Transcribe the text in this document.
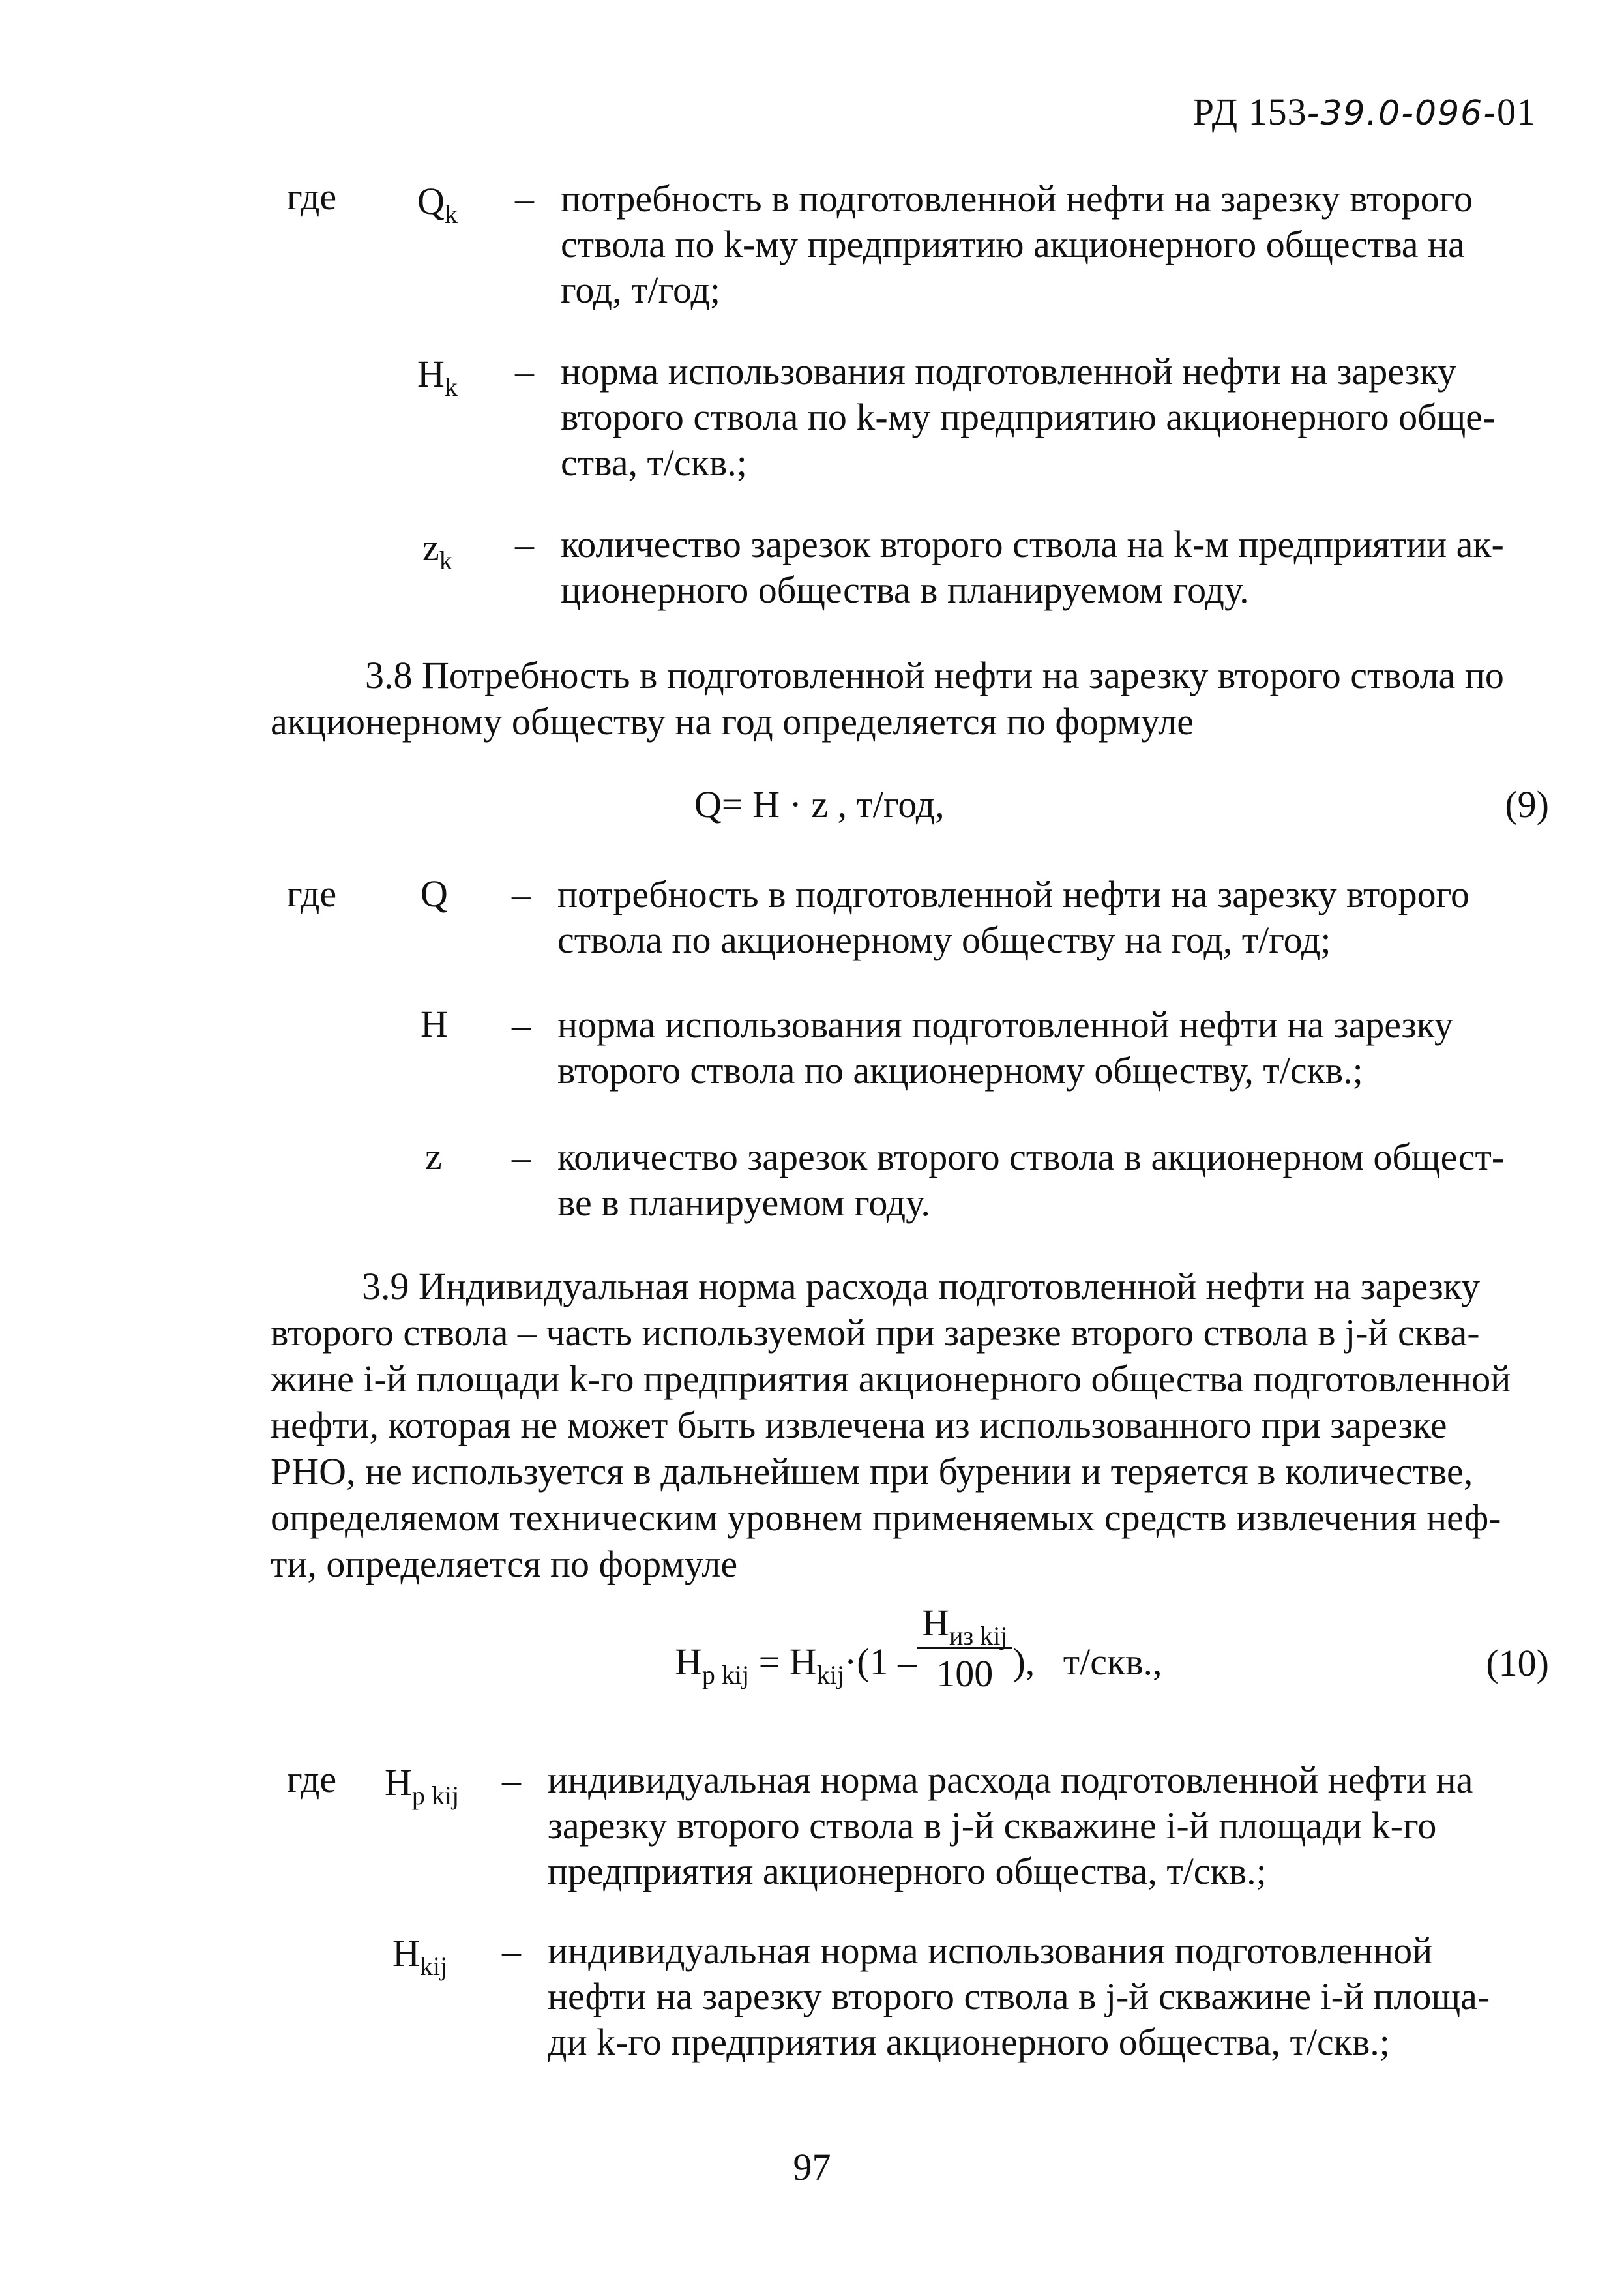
РД 153-39.0-096-01
где $Q_k$ – потребность в подготовленной нефти на зарезку второго
ствола по k-му предприятию акционерного общества на
год, т/год;
$Н_k$ – норма использования подготовленной нефти на зарезку
второго ствола по k-му предприятию акционерного обще-
ства, т/скв.;
$z_k$ – количество зарезок второго ствола на k-м предприятии ак-
ционерного общества в планируемом году.
3.8 Потребность в подготовленной нефти на зарезку второго ствола по
акционерному обществу на год определяется по формуле
Q= Н · z , т/год,	(9)
где Q – потребность в подготовленной нефти на зарезку второго
ствола по акционерному обществу на год, т/год;
Н – норма использования подготовленной нефти на зарезку
второго ствола по акционерному обществу, т/скв.;
z – количество зарезок второго ствола в акционерном общест-
ве в планируемом году.
3.9 Индивидуальная норма расхода подготовленной нефти на зарезку
второго ствола – часть используемой при зарезке второго ствола в j-й сква-
жине i-й площади k-го предприятия акционерного общества подготовленной
нефти, которая не может быть извлечена из использованного при зарезке
РНО, не используется в дальнейшем при бурении и теряется в количестве,
определяемом техническим уровнем применяемых средств извлечения неф-
ти, определяется по формуле
$Н_{p kij} = Н_{kij}\cdot(1 - \frac{Н_{из kij}}{100}$ ), т/скв.,	(10)
где $Н_{p kij}$ – индивидуальная норма расхода подготовленной нефти на
зарезку второго ствола в j-й скважине i-й площади k-го
предприятия акционерного общества, т/скв.;
$Н_{kij}$ – индивидуальная норма использования подготовленной
нефти на зарезку второго ствола в j-й скважине i-й площа-
ди k-го предприятия акционерного общества, т/скв.;
97
